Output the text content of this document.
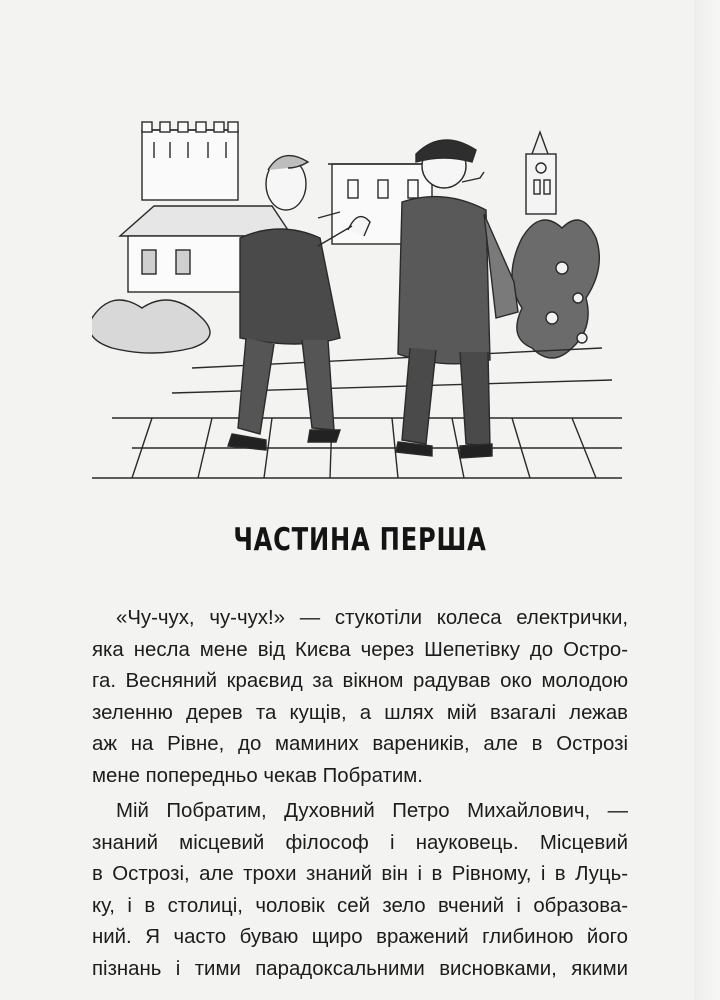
ЧАСТИНА ПЕРША
«Чу-чух, чу-чух!» — стукотіли колеса електрички,
яка несла мене від Києва через Шепетівку до Остро-
га. Весняний краєвид за вікном радував око молодою
зеленню дерев та кущів, а шлях мій взагалі лежав
аж на Рівне, до маминих вареників, але в Острозі
мене попередньо чекав Побратим.
Мій Побратим, Духовний Петро Михайлович, —
знаний місцевий філософ і науковець. Місцевий
в Острозі, але трохи знаний він і в Рівному, і в Луць-
ку, і в столиці, чоловік сей зело вчений і образова-
ний. Я часто буваю щиро вражений глибиною його
пізнань і тими парадоксальними висновками, якими
